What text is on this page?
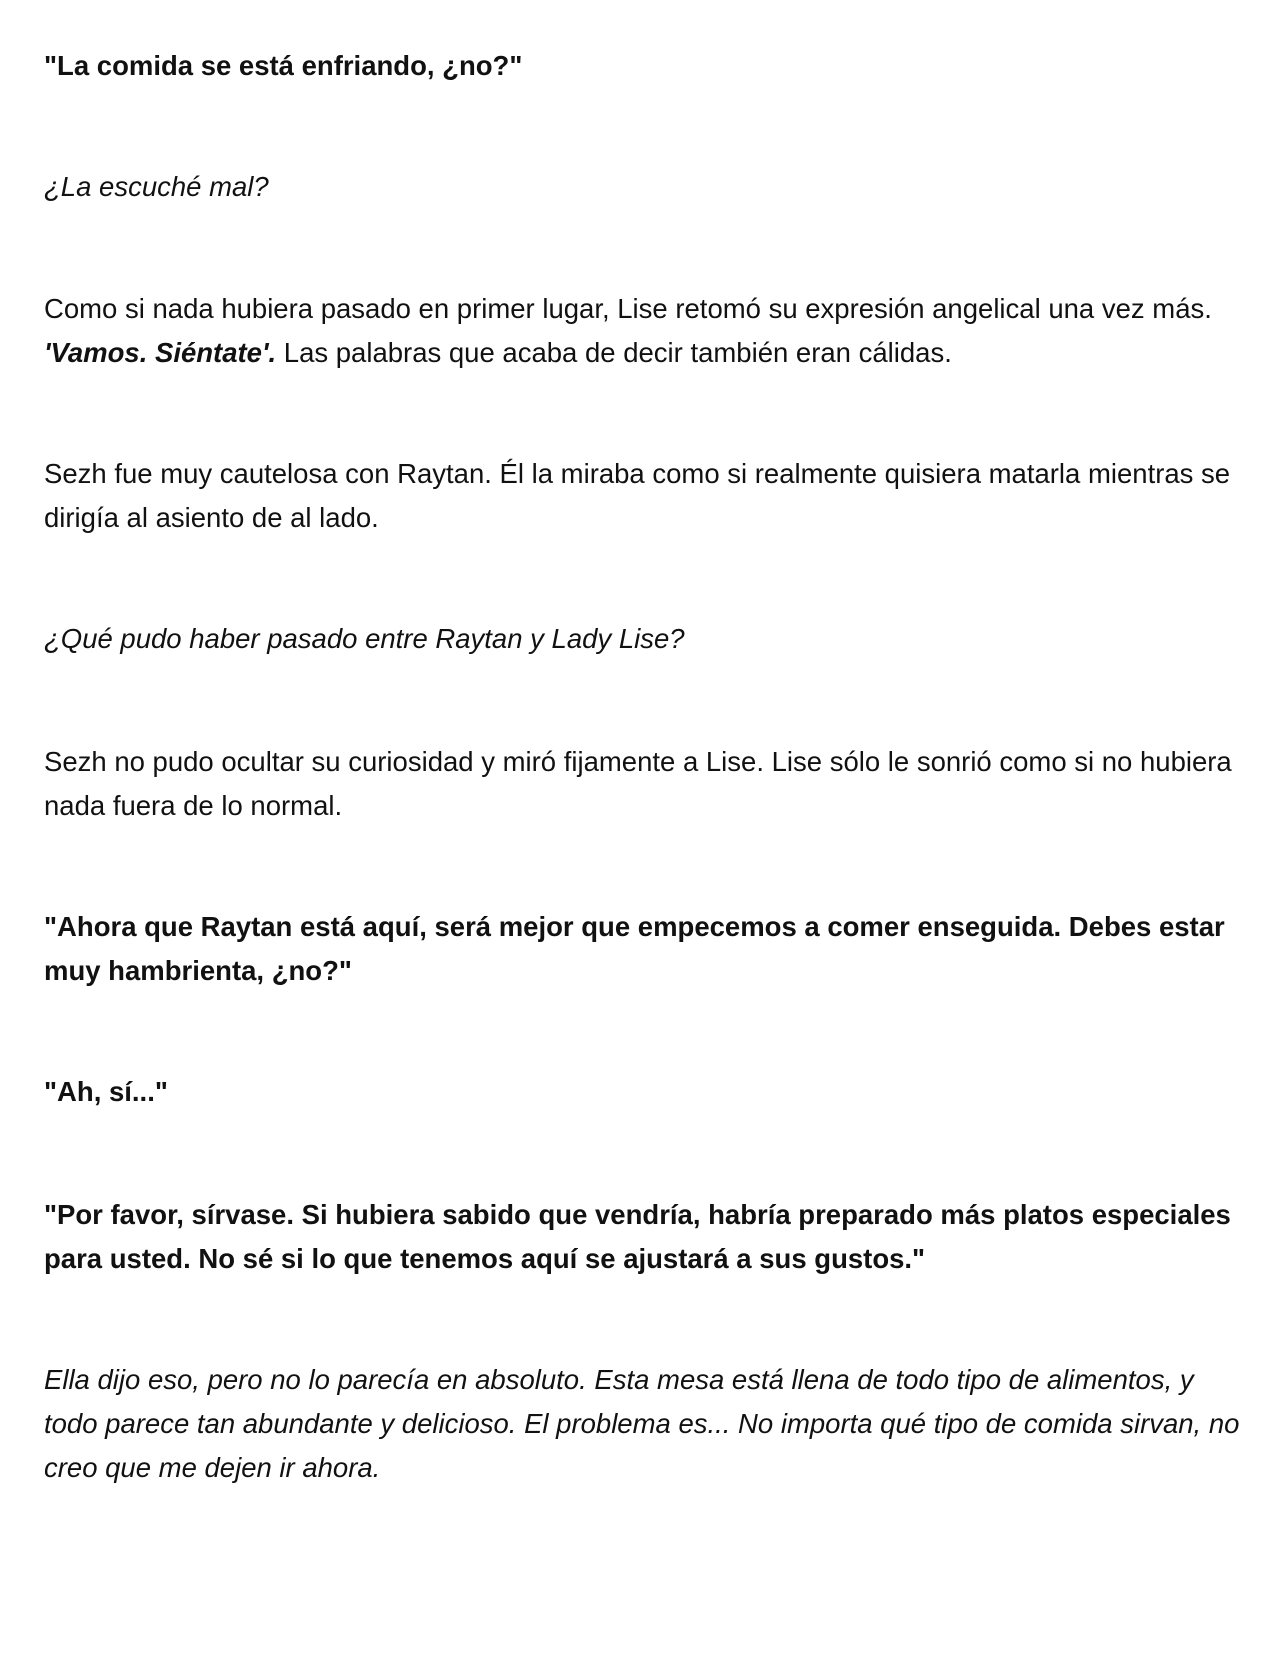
"La comida se está enfriando, ¿no?"

¿La escuché mal?

Como si nada hubiera pasado en primer lugar, Lise retomó su expresión angelical una vez más. 'Vamos. Siéntate'. Las palabras que acaba de decir también eran cálidas.

Sezh fue muy cautelosa con Raytan. Él la miraba como si realmente quisiera matarla mientras se dirigía al asiento de al lado.

¿Qué pudo haber pasado entre Raytan y Lady Lise?

Sezh no pudo ocultar su curiosidad y miró fijamente a Lise. Lise sólo le sonrió como si no hubiera nada fuera de lo normal.

"Ahora que Raytan está aquí, será mejor que empecemos a comer enseguida. Debes estar muy hambrienta, ¿no?"

"Ah, sí..."

"Por favor, sírvase. Si hubiera sabido que vendría, habría preparado más platos especiales para usted. No sé si lo que tenemos aquí se ajustará a sus gustos."

Ella dijo eso, pero no lo parecía en absoluto. Esta mesa está llena de todo tipo de alimentos, y todo parece tan abundante y delicioso. El problema es... No importa qué tipo de comida sirvan, no creo que me dejen ir ahora.
